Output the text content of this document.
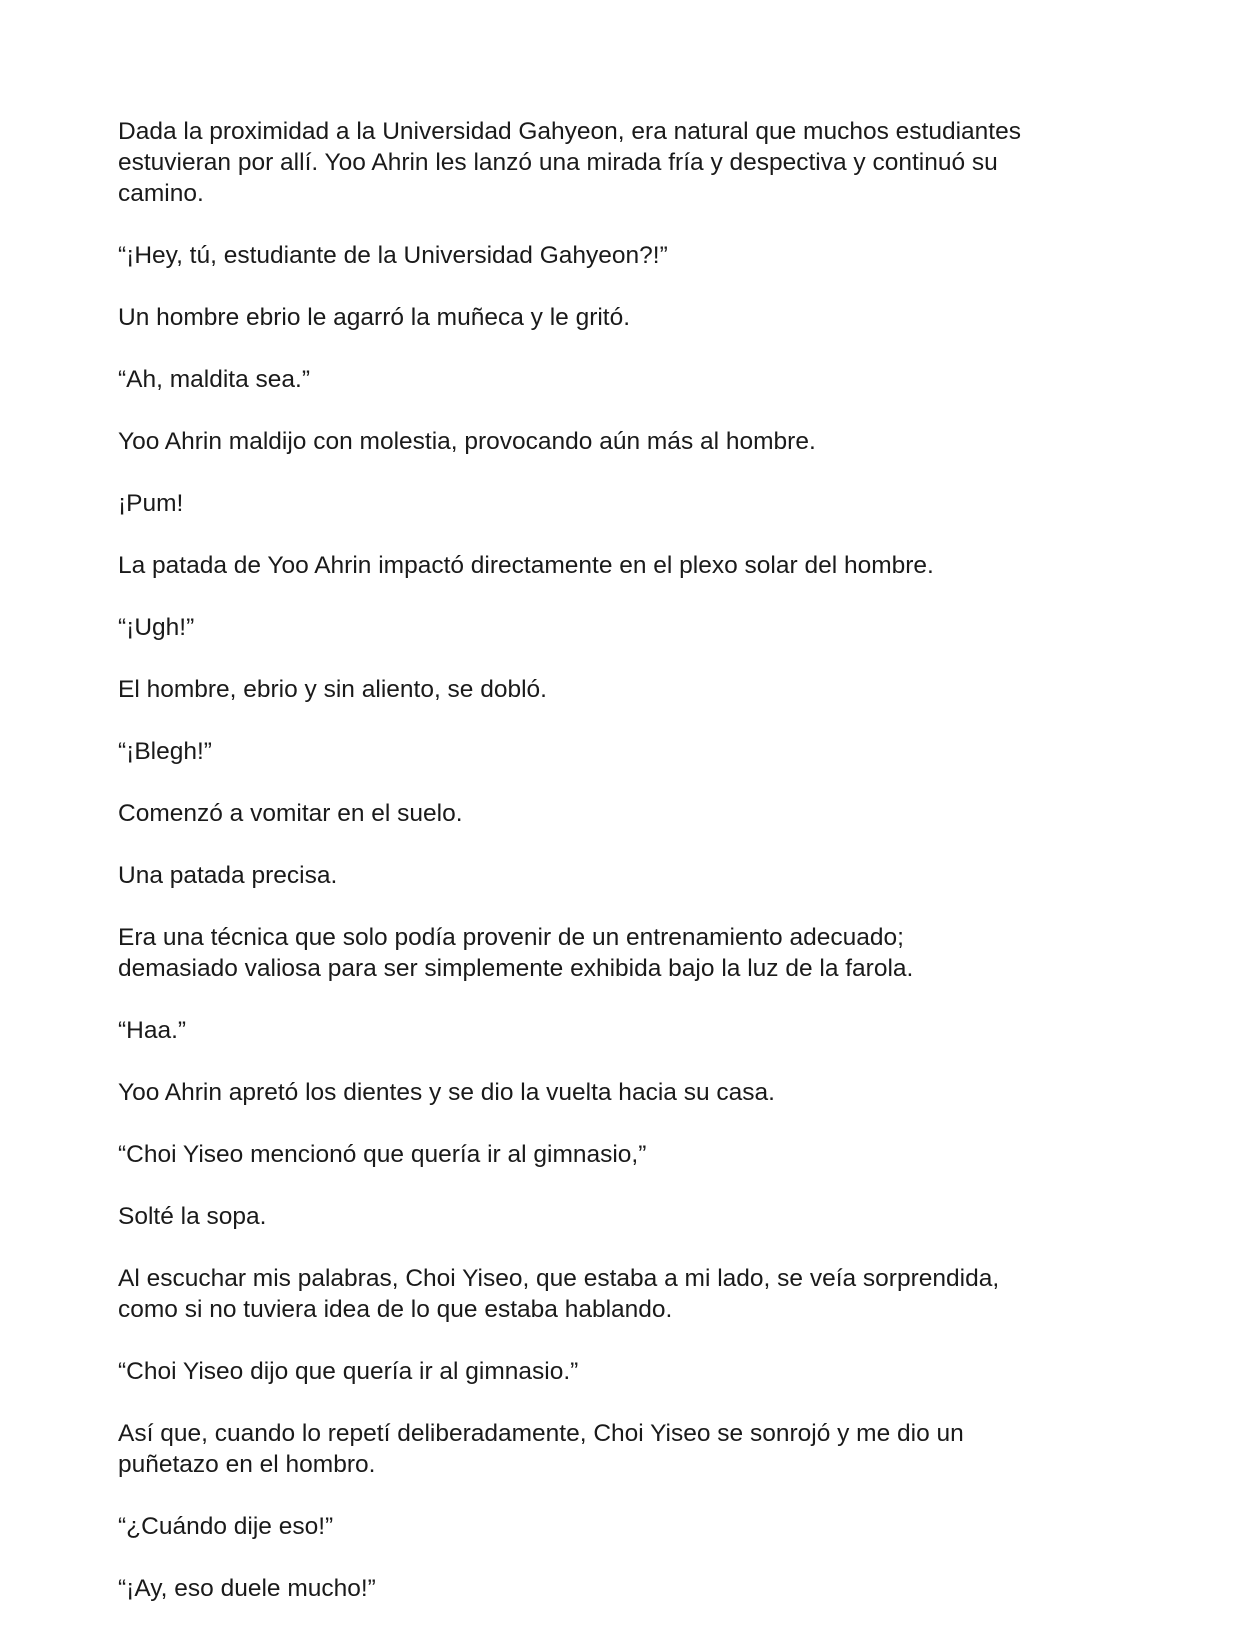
Dada la proximidad a la Universidad Gahyeon, era natural que muchos estudiantes
estuvieran por allí. Yoo Ahrin les lanzó una mirada fría y despectiva y continuó su
camino.

“¡Hey, tú, estudiante de la Universidad Gahyeon?!”

Un hombre ebrio le agarró la muñeca y le gritó.

“Ah, maldita sea.”

Yoo Ahrin maldijo con molestia, provocando aún más al hombre.

¡Pum!

La patada de Yoo Ahrin impactó directamente en el plexo solar del hombre.

“¡Ugh!”

El hombre, ebrio y sin aliento, se dobló.

“¡Blegh!”

Comenzó a vomitar en el suelo.

Una patada precisa.

Era una técnica que solo podía provenir de un entrenamiento adecuado;
demasiado valiosa para ser simplemente exhibida bajo la luz de la farola.

“Haa.”

Yoo Ahrin apretó los dientes y se dio la vuelta hacia su casa.

“Choi Yiseo mencionó que quería ir al gimnasio,”

Solté la sopa.

Al escuchar mis palabras, Choi Yiseo, que estaba a mi lado, se veía sorprendida,
como si no tuviera idea de lo que estaba hablando.

“Choi Yiseo dijo que quería ir al gimnasio.”

Así que, cuando lo repetí deliberadamente, Choi Yiseo se sonrojó y me dio un
puñetazo en el hombro.

“¿Cuándo dije eso!”

“¡Ay, eso duele mucho!”
